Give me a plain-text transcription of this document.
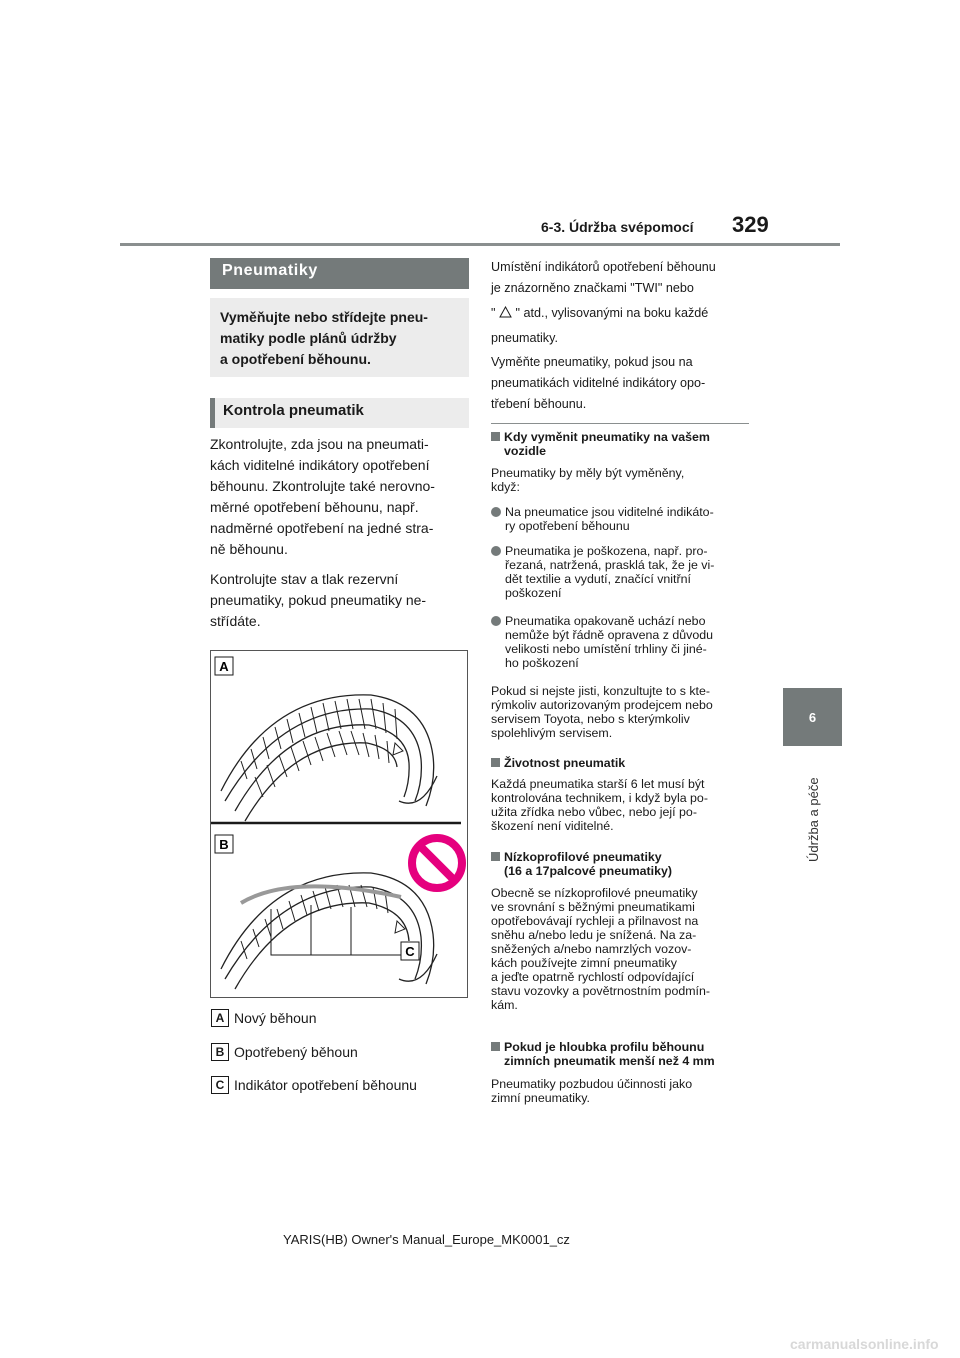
6-3. Údržba svépomocí 329
6
Údržba a péče
Pneumatiky
Vyměňujte nebo střídejte pneu-
matiky podle plánů údržby
a opotřebení běhounu.
Kontrola pneumatik
Zkontrolujte, zda jsou na pneumati-
kách viditelné indikátory opotřebení
běhounu. Zkontrolujte také nerovno-
měrné opotřebení běhounu, např.
nadměrné opotřebení na jedné stra-
ně běhounu.
Kontrolujte stav a tlak rezervní
pneumatiky, pokud pneumatiky ne-
střídáte.
A
B
C
A Nový běhoun
B Opotřebený běhoun
C Indikátor opotřebení běhounu
Umístění indikátorů opotřebení běhounu
je znázorněno značkami "TWI" nebo
"  " atd., vylisovanými na boku každé
pneumatiky.
Vyměňte pneumatiky, pokud jsou na
pneumatikách viditelné indikátory opo-
třebení běhounu.
Kdy vyměnit pneumatiky na vašem
vozidle
Pneumatiky by měly být vyměněny,
když:
Na pneumatice jsou viditelné indikáto-
ry opotřebení běhounu
Pneumatika je poškozena, např. pro-
řezaná, natržená, prasklá tak, že je vi-
dět textilie a vydutí, značící vnitřní
poškození
Pneumatika opakovaně uchází nebo
nemůže být řádně opravena z důvodu
velikosti nebo umístění trhliny či jiné-
ho poškození
Pokud si nejste jisti, konzultujte to s kte-
rýmkoliv autorizovaným prodejcem nebo
servisem Toyota, nebo s kterýmkoliv
spolehlivým servisem.
Životnost pneumatik
Každá pneumatika starší 6 let musí být
kontrolována technikem, i když byla po-
užita zřídka nebo vůbec, nebo její po-
škození není viditelné.
Nízkoprofilové pneumatiky
(16 a 17palcové pneumatiky)
Obecně se nízkoprofilové pneumatiky
ve srovnání s běžnými pneumatikami
opotřebovávají rychleji a přilnavost na
sněhu a/nebo ledu je snížená. Na za-
sněžených a/nebo namrzlých vozov-
kách používejte zimní pneumatiky
a jeďte opatrně rychlostí odpovídající
stavu vozovky a povětrnostním podmín-
kám.
Pokud je hloubka profilu běhounu
zimních pneumatik menší než 4 mm
Pneumatiky pozbudou účinnosti jako
zimní pneumatiky.
YARIS(HB) Owner's Manual_Europe_MK0001_cz
carmanualsonline.info
